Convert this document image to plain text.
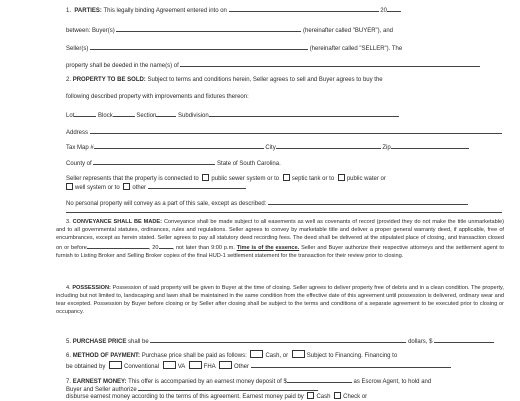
1. PARTIES: This legally binding Agreement entered into on	20
between: Buyer(s)	(hereinafter called "BUYER"), and
Seller(s)	(hereinafter called "SELLER"). The
property shall be deeded in the name(s) of
2. PROPERTY TO BE SOLD: Subject to terms and conditions herein, Seller agrees to sell and Buyer agrees to buy the
following described property with improvements and fixtures thereon:
Lot	Block	Section	Subdivision
Address
Tax Map #	City	Zip
County of	State of South Carolina.
Seller represents that the property is connected to public sewer system or to septic tank or to public water or
well system or to other
No personal property will convey as a part of this sale, except as described:
3. CONVEYANCE SHALL BE MADE: Conveyance shall be made subject to all easements as well as covenants of record (provided they do not make the title unmarketable) and to all governmental statutes, ordinances, rules and regulations. Seller agrees to convey by marketable title and deliver a proper general warranty deed, if applicable, free of encumbrances, except as herein stated. Seller agrees to pay all statutory deed recording fees. The deed shall be delivered at the stipulated place of closing, and transaction closed on or before	, 20	, not later than 9:00 p.m. Time is of the essence. Seller and Buyer authorize their respective attorneys and the settlement agent to furnish to Listing Broker and Selling Broker copies of the final HUD-1 settlement statement for the transaction for their review prior to closing.
4. POSSESSION: Possession of said property will be given to Buyer at the time of closing. Seller agrees to deliver property free of debris and in a clean condition. The property, including but not limited to, landscaping and lawn shall be maintained in the same condition from the effective date of this agreement until possession is delivered, ordinary wear and tear excepted. Possession by Buyer before closing or by Seller after closing shall be subject to the terms and conditions of a separate agreement to be executed prior to closing or occupancy.
5. PURCHASE PRICE shall be	dollars, $
6. METHOD OF PAYMENT: Purchase price shall be paid as follows:	Cash, or	Subject to Financing. Financing to
be obtained by	Conventional	VA	FHA	Other
7. EARNEST MONEY: This offer is accompanied by an earnest money deposit of $	as Escrow Agent, to hold and
Buyer and Seller authorize
disburse earnest money according to the terms of this agreement. Earnest money paid by Cash Check or
